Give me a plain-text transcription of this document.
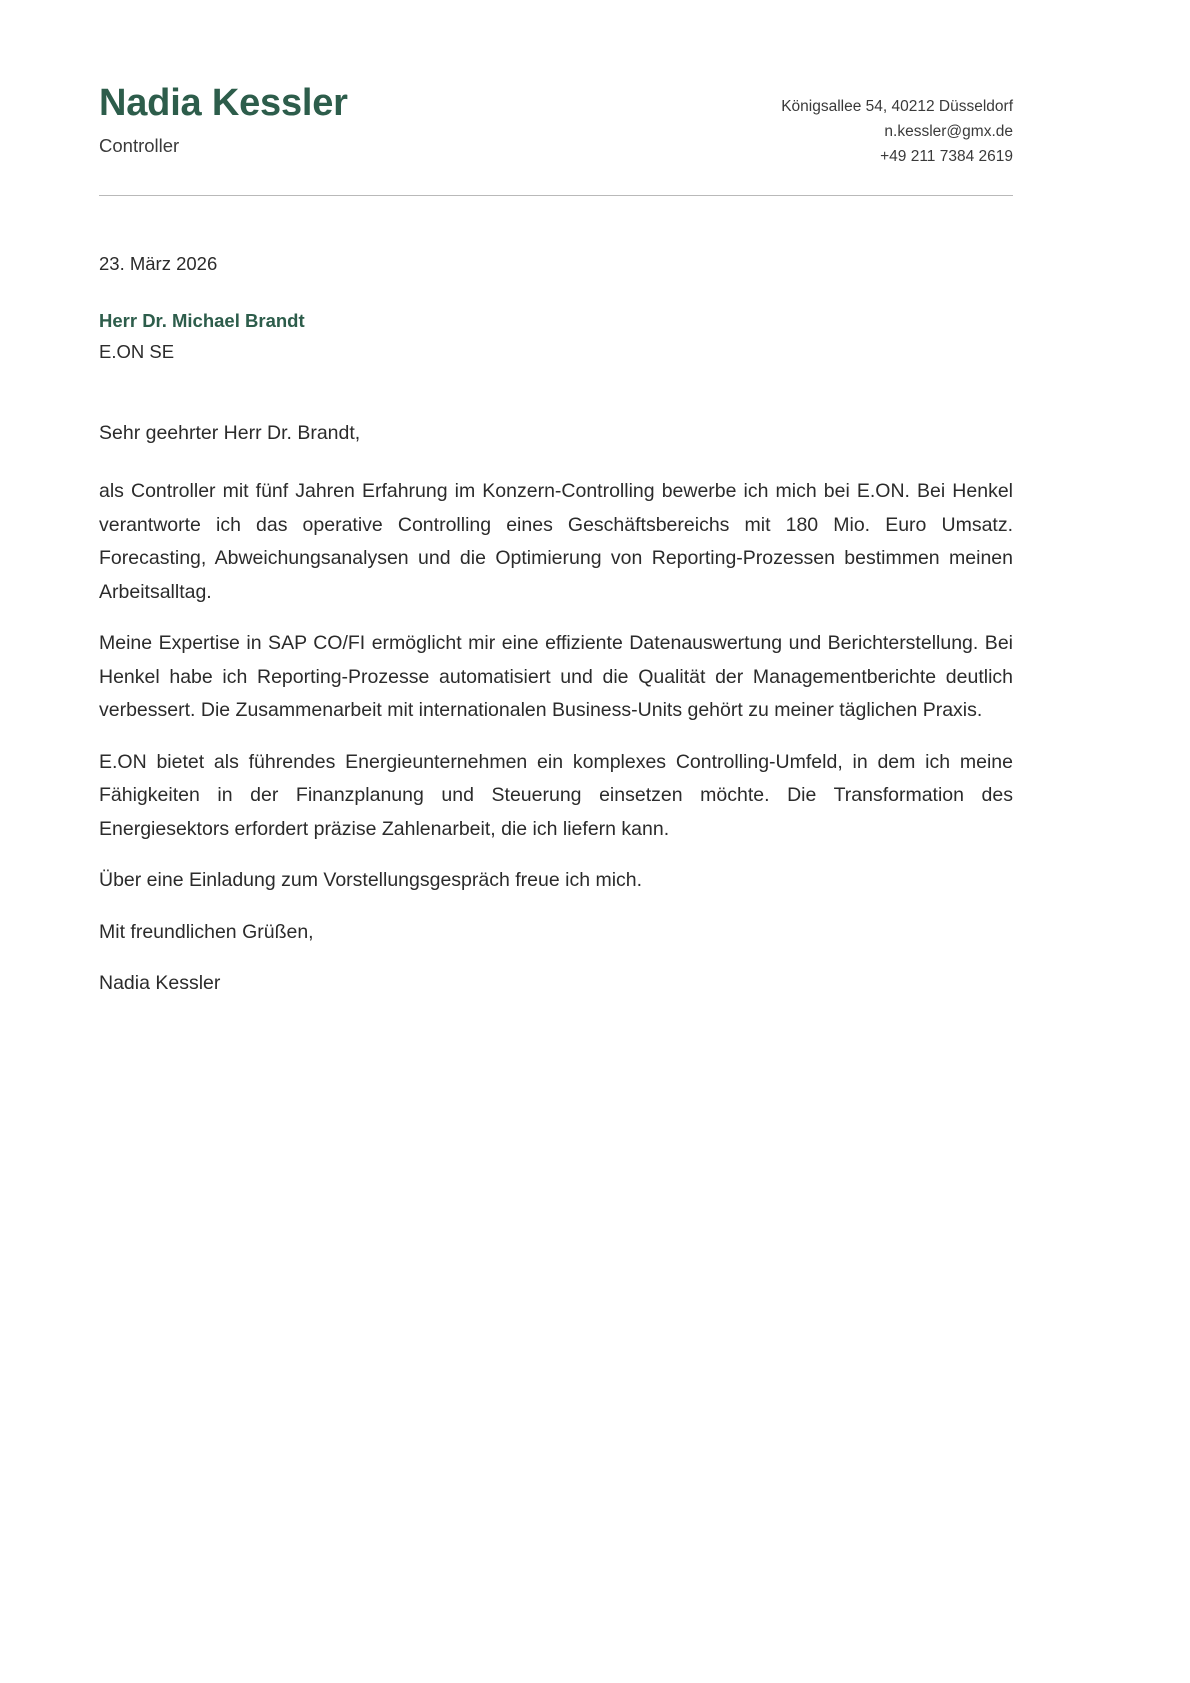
Nadia Kessler
Controller
Königsallee 54, 40212 Düsseldorf
n.kessler@gmx.de
+49 211 7384 2619
23. März 2026
Herr Dr. Michael Brandt
E.ON SE
Sehr geehrter Herr Dr. Brandt,

als Controller mit fünf Jahren Erfahrung im Konzern-Controlling bewerbe ich mich bei E.ON. Bei Henkel verantworte ich das operative Controlling eines Geschäftsbereichs mit 180 Mio. Euro Umsatz. Forecasting, Abweichungsanalysen und die Optimierung von Reporting-Prozessen bestimmen meinen Arbeitsalltag.

Meine Expertise in SAP CO/FI ermöglicht mir eine effiziente Datenauswertung und Berichterstellung. Bei Henkel habe ich Reporting-Prozesse automatisiert und die Qualität der Managementberichte deutlich verbessert. Die Zusammenarbeit mit internationalen Business-Units gehört zu meiner täglichen Praxis.

E.ON bietet als führendes Energieunternehmen ein komplexes Controlling-Umfeld, in dem ich meine Fähigkeiten in der Finanzplanung und Steuerung einsetzen möchte. Die Transformation des Energiesektors erfordert präzise Zahlenarbeit, die ich liefern kann.

Über eine Einladung zum Vorstellungsgespräch freue ich mich.

Mit freundlichen Grüßen,

Nadia Kessler
